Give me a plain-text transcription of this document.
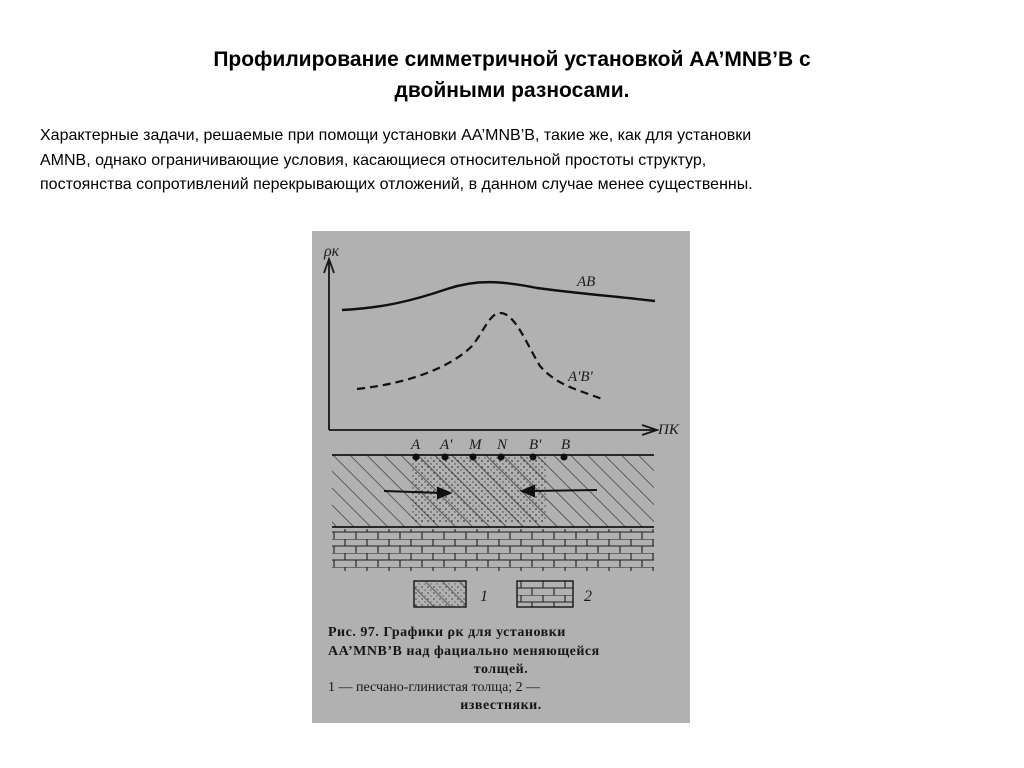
Профилирование симметричной установкой АА’MNB’В с
двойными разносами.
Характерные задачи, решаемые при помощи установки АА’MNB’В, такие же, как для установки
AMNB, однако ограничивающие условия, касающиеся относительной простоты структур,
постоянства сопротивлений перекрывающих отложений, в данном случае менее существенны.
ρк
ПК
AB
A'B'
A A' M N B' B
1	2

Рис. 97. Графики ρк для установки

АА’MNB’В над фациально меняющейся

толщей.

1 — песчано-глинистая толща; 2 —

известняки.
